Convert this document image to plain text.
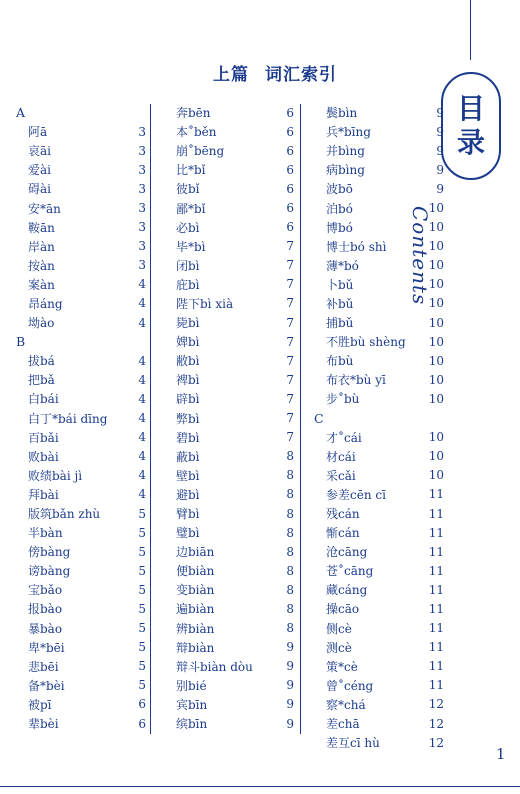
上篇 词汇索引
目
录
Contents
A
阿ā	3
哀āi	3
爱ài	3
碍ài	3
安*ān	3
鞍ān	3
岸àn	3
按àn	3
案àn	4
昂áng	4
坳ào	4
B
拔bá	4
把bǎ	4
白bái	4
白丁*bái dīng	4
百bǎi	4
败bài	4
败绩bài jì	4
拜bài	4
版筑bǎn zhù	5
半bàn	5
傍bàng	5
谤bàng	5
宝bǎo	5
报bào	5
暴bào	5
卑*bēi	5
悲bēi	5
备*bèi	5
被pī	6
辈bèi	6
奔bēn	6
本˚běn	6
崩˚bēng	6
比*bǐ	6
彼bǐ	6
鄙*bǐ	6
必bì	6
毕*bì	7
闭bì	7
庇bì	7
陛下bì xià	7
毙bì	7
婢bì	7
敝bì	7
裨bì	7
辟bì	7
弊bì	7
碧bì	7
蔽bì	8
壁bì	8
避bì	8
臂bì	8
璧bì	8
边biān	8
便biàn	8
变biàn	8
遍biàn	8
辨biàn	8
辩biàn	9
辩斗biàn dòu	9
别bié	9
宾bīn	9
缤bīn	9
鬓bìn	9
兵*bīng	9
并bìng	9
病bìng	9
波bō	9
泊bó	10
博bó	10
博士bó shì	10
薄*bó	10
卜bǔ	10
补bǔ	10
捕bǔ	10
不胜bù shèng 10
布bù	10
布衣*bù yī	10
步˚bù	10
C
才˚cái	10
材cái	10
采cǎi	10
参差cēn cī	11
残cán	11
惭cán	11
沧cāng	11
苍˚cāng	11
藏cáng	11
操cāo	11
侧cè	11
测cè	11
策*cè	11
曾˚céng	11
察*chá	12
差chā	12
差互cī hù	12
1
